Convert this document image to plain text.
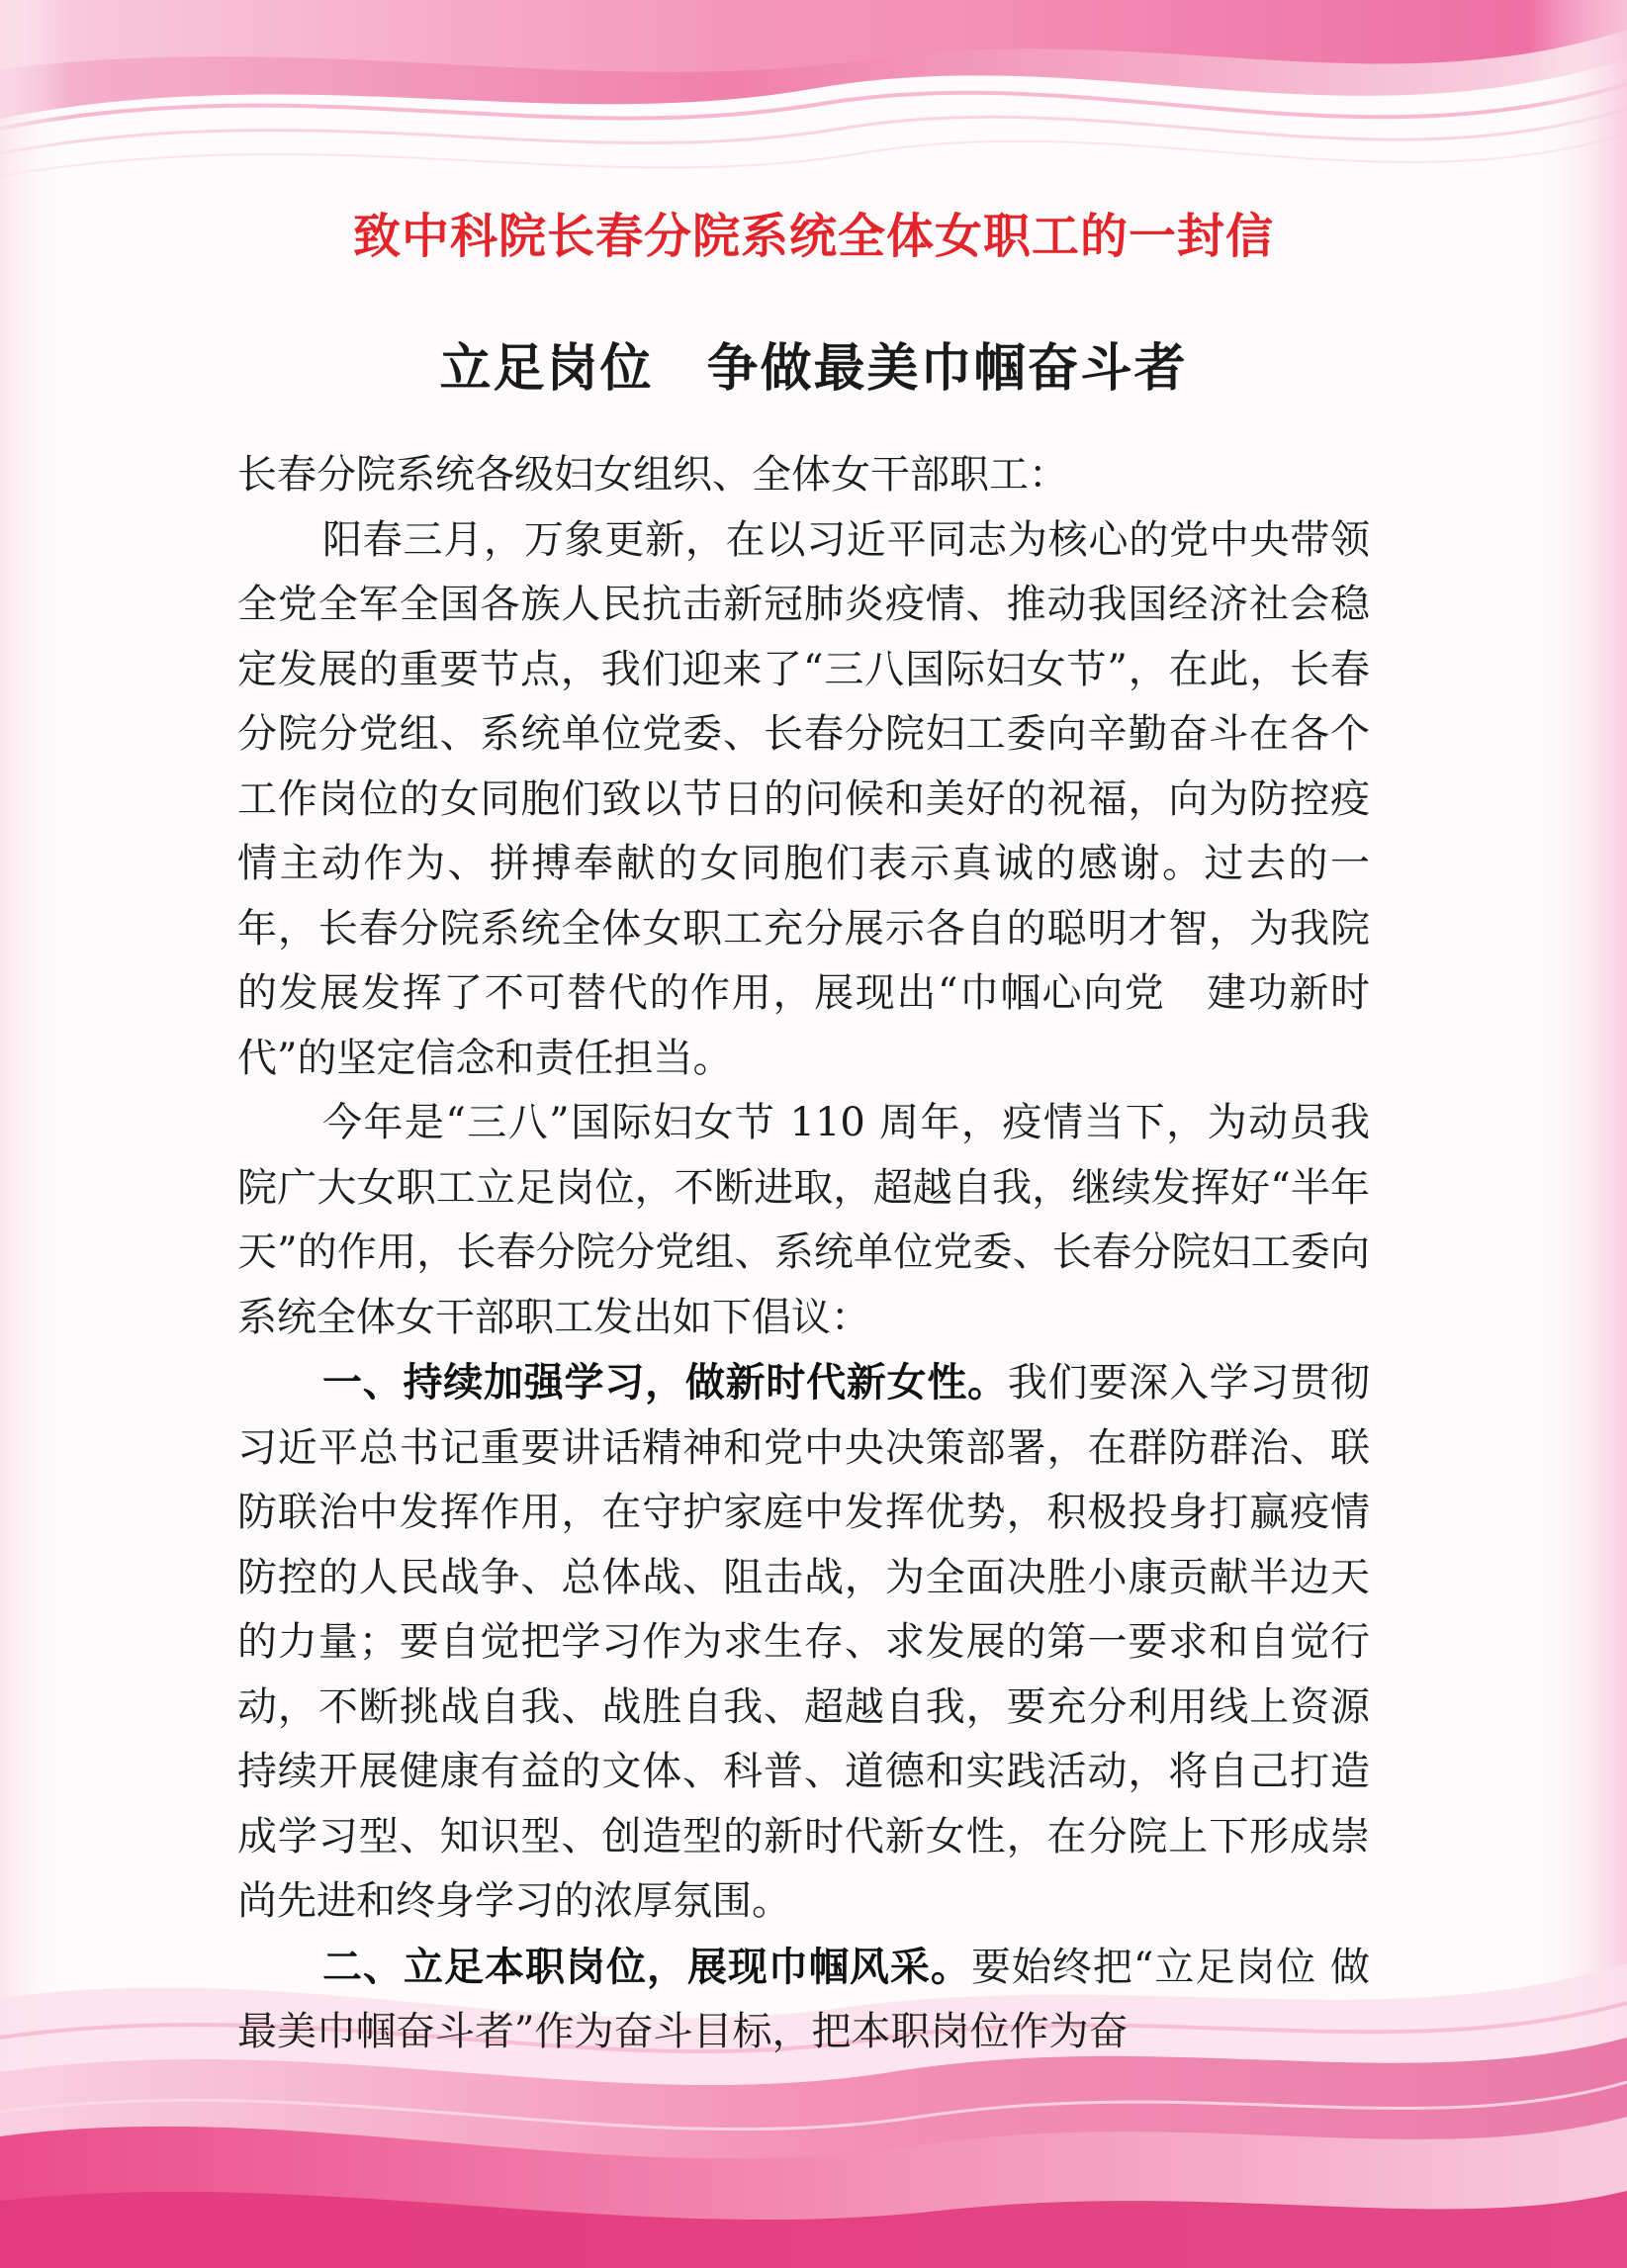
致中科院长春分院系统全体女职工的一封信
立足岗位　争做最美巾帼奋斗者

长春分院系统各级妇女组织、全体女干部职工：

阳春三月，万象更新，在以习近平同志为核心的党中央带领全党全军全国各族人民抗击新冠肺炎疫情、推动我国经济社会稳定发展的重要节点，我们迎来了“三八国际妇女节”，在此，长春分院分党组、系统单位党委、长春分院妇工委向辛勤奋斗在各个工作岗位的女同胞们致以节日的问候和美好的祝福，向为防控疫情主动作为、拼搏奉献的女同胞们表示真诚的感谢。过去的一年，长春分院系统全体女职工充分展示各自的聪明才智，为我院的发展发挥了不可替代的作用，展现出“巾帼心向党　建功新时代”的坚定信念和责任担当。

今年是“三八”国际妇女节 110 周年，疫情当下，为动员我院广大女职工立足岗位，不断进取，超越自我，继续发挥好“半年天”的作用，长春分院分党组、系统单位党委、长春分院妇工委向系统全体女干部职工发出如下倡议：

一、持续加强学习，做新时代新女性。我们要深入学习贯彻习近平总书记重要讲话精神和党中央决策部署，在群防群治、联防联治中发挥作用，在守护家庭中发挥优势，积极投身打赢疫情防控的人民战争、总体战、阻击战，为全面决胜小康贡献半边天的力量；要自觉把学习作为求生存、求发展的第一要求和自觉行动，不断挑战自我、战胜自我、超越自我，要充分利用线上资源持续开展健康有益的文体、科普、道德和实践活动，将自己打造成学习型、知识型、创造型的新时代新女性，在分院上下形成崇尚先进和终身学习的浓厚氛围。

二、立足本职岗位，展现巾帼风采。要始终把“立足岗位 做最美巾帼奋斗者”作为奋斗目标，把本职岗位作为奋
